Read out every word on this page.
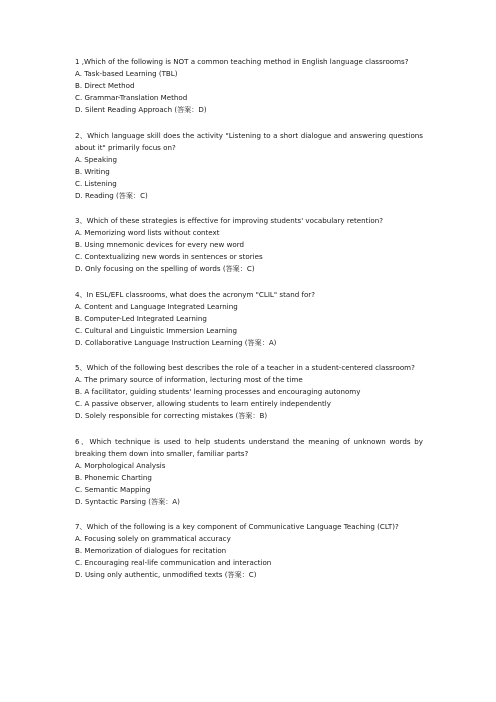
1 ,Which of the following is NOT a common teaching method in English language classrooms?
A. Task-based Learning (TBL)
B. Direct Method
C. Grammar-Translation Method
D. Silent Reading Approach (答案：D)
2、Which language skill does the activity "Listening to a short dialogue and answering questions about it" primarily focus on?
A. Speaking
B. Writing
C. Listening
D. Reading (答案：C)
3、Which of these strategies is effective for improving students' vocabulary retention?
A. Memorizing word lists without context
B. Using mnemonic devices for every new word
C. Contextualizing new words in sentences or stories
D. Only focusing on the spelling of words (答案：C)
4、In ESL/EFL classrooms, what does the acronym "CLIL" stand for?
A. Content and Language Integrated Learning
B. Computer-Led Integrated Learning
C. Cultural and Linguistic Immersion Learning
D. Collaborative Language Instruction Learning (答案：A)
5、Which of the following best describes the role of a teacher in a student-centered classroom?
A. The primary source of information, lecturing most of the time
B. A facilitator, guiding students' learning processes and encouraging autonomy
C. A passive observer, allowing students to learn entirely independently
D. Solely responsible for correcting mistakes (答案：B)
6、Which technique is used to help students understand the meaning of unknown words by breaking them down into smaller, familiar parts?
A. Morphological Analysis
B. Phonemic Charting
C. Semantic Mapping
D. Syntactic Parsing (答案：A)
7、Which of the following is a key component of Communicative Language Teaching (CLT)?
A. Focusing solely on grammatical accuracy
B. Memorization of dialogues for recitation
C. Encouraging real-life communication and interaction
D. Using only authentic, unmodified texts (答案：C)
